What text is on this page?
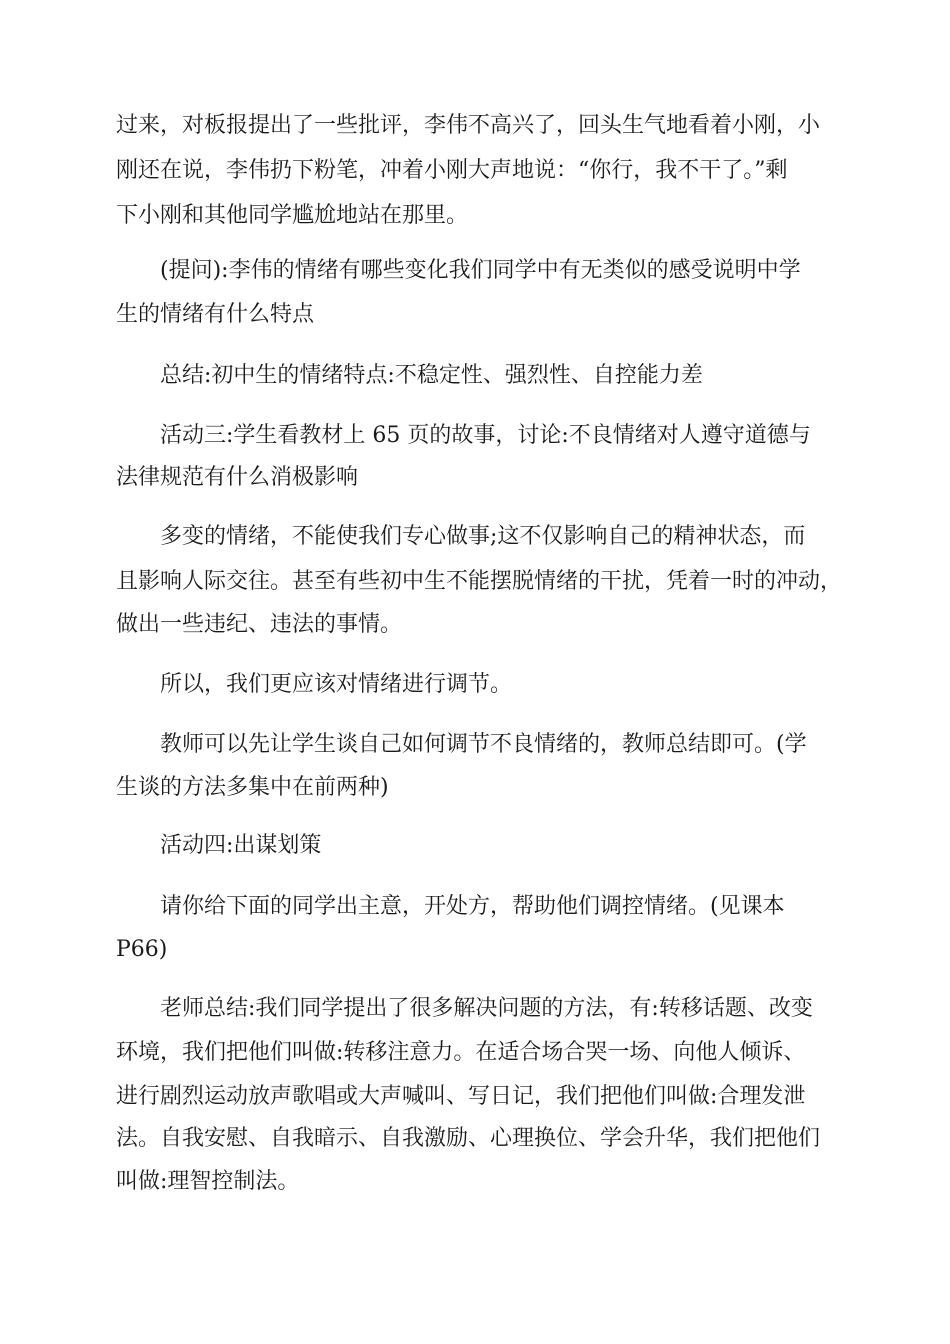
过来，对板报提出了一些批评，李伟不高兴了，回头生气地看着小刚，小
刚还在说，李伟扔下粉笔，冲着小刚大声地说：“你行，我不干了。”剩
下小刚和其他同学尴尬地站在那里。
(提问):李伟的情绪有哪些变化我们同学中有无类似的感受说明中学
生的情绪有什么特点
总结:初中生的情绪特点:不稳定性、强烈性、自控能力差
活动三:学生看教材上 65 页的故事，讨论:不良情绪对人遵守道德与
法律规范有什么消极影响
多变的情绪，不能使我们专心做事;这不仅影响自己的精神状态，而
且影响人际交往。甚至有些初中生不能摆脱情绪的干扰，凭着一时的冲动，
做出一些违纪、违法的事情。
所以，我们更应该对情绪进行调节。
教师可以先让学生谈自己如何调节不良情绪的，教师总结即可。(学
生谈的方法多集中在前两种)
活动四:出谋划策
请你给下面的同学出主意，开处方，帮助他们调控情绪。(见课本
P66)
老师总结:我们同学提出了很多解决问题的方法，有:转移话题、改变
环境，我们把他们叫做:转移注意力。在适合场合哭一场、向他人倾诉、
进行剧烈运动放声歌唱或大声喊叫、写日记，我们把他们叫做:合理发泄
法。自我安慰、自我暗示、自我激励、心理换位、学会升华，我们把他们
叫做:理智控制法。
